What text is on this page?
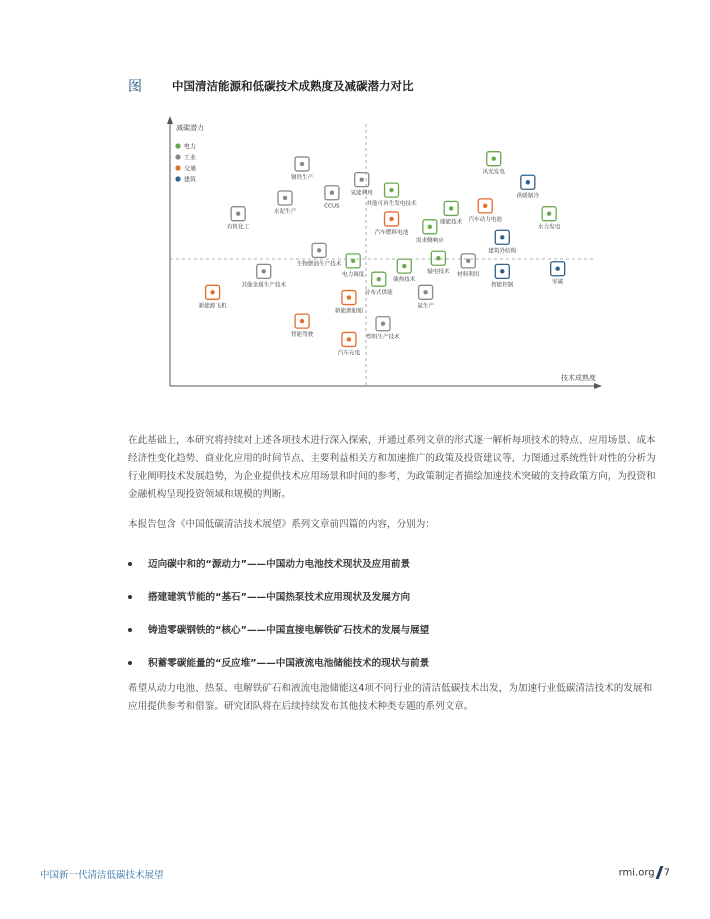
图	中国清洁能源和低碳技术成熟度及减碳潜力对比
减碳潜力
技术成熟度
电力
工业
交通
建筑
风光发电
供暖制冷
汽车动力电池
水力发电
储能技术
钢铁生产
氢能利用
CCUS	其他可再生发电技术
水泥生产
有机化工
汽车燃料电池
需求侧响应
建筑外结构
生物燃油生产技术
电力调度
储热技术
输电技术 材料利用
智能控制	零碳
其他金属生产技术
分布式供能
新能源飞机	氨生产
新能源船舶
智能驾驶	塑料生产技术
汽车充电

在此基础上，本研究将持续对上述各项技术进行深入探索，并通过系列文章的形式逐一解析每项技术的特点、应用场景、成本经济性变化趋势、商业化应用的时间节点、主要利益相关方和加速推广的政策及投资建议等，力图通过系统性针对性的分析为行业阐明技术发展趋势，为企业提供技术应用场景和时间的参考，为政策制定者描绘加速技术突破的支持政策方向，为投资和金融机构呈现投资领域和规模的判断。

本报告包含《中国低碳清洁技术展望》系列文章前四篇的内容，分别为：

迈向碳中和的“源动力”——中国动力电池技术现状及应用前景
搭建建筑节能的“基石”——中国热泵技术应用现状及发展方向
铸造零碳钢铁的“核心”——中国直接电解铁矿石技术的发展与展望
积蓄零碳能量的“反应堆”——中国液流电池储能技术的现状与前景

希望从动力电池、热泵、电解铁矿石和液流电池储能这4项不同行业的清洁低碳技术出发，为加速行业低碳清洁技术的发展和应用提供参考和借鉴。研究团队将在后续持续发布其他技术种类专题的系列文章。

中国新一代清洁低碳技术展望	rmi.org 7
